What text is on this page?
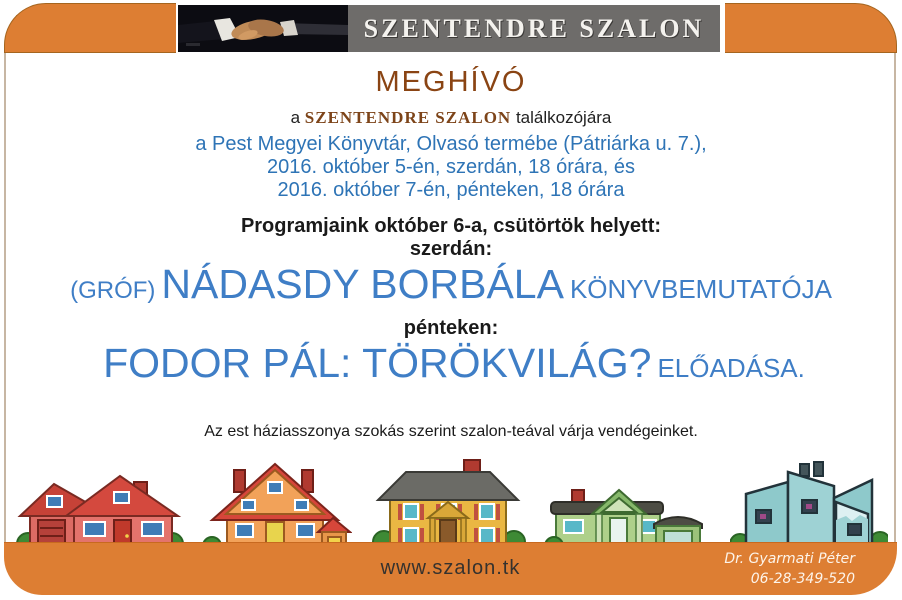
SZENTENDRE SZALON
MEGHÍVÓ
a SZENTENDRE SZALON találkozójára
a Pest Megyei Könyvtár, Olvasó termébe (Pátriárka u. 7.),
2016. október 5-én, szerdán, 18 órára, és
2016. október 7-én, pénteken, 18 órára
Programjaink október 6-a, csütörtök helyett:
szerdán:
(GRÓF) NÁDASDY BORBÁLA KÖNYVBEMUTATÓJA
pénteken:
FODOR PÁL: TÖRÖKVILÁG? ELŐADÁSA.
Az est háziasszonya szokás szerint szalon-teával várja vendégeinket.
www.szalon.tk	Dr. Gyarmati Péter
06-28-349-520
